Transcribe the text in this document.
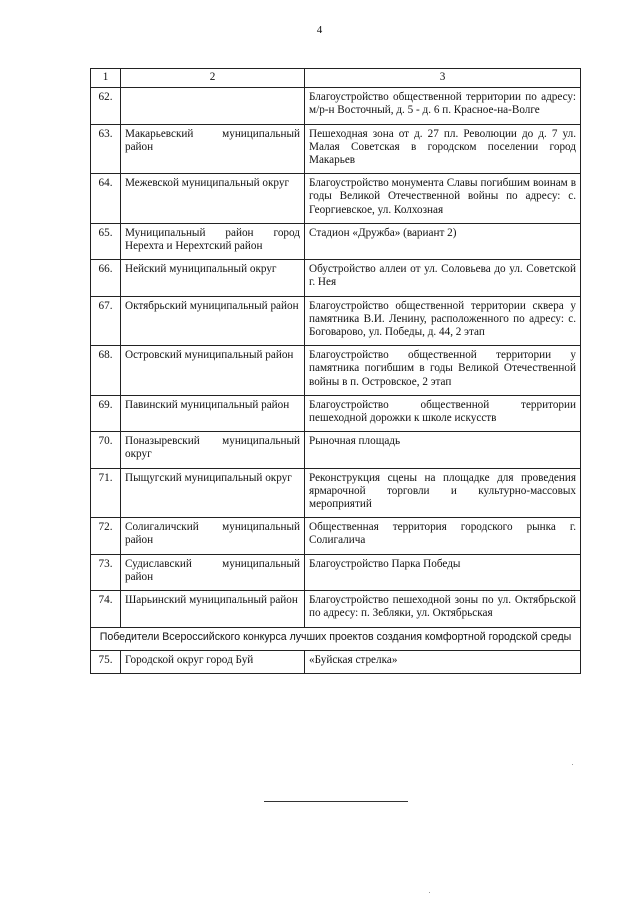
4
1	2	3
62.		Благоустройство общественной территории по адресу: м/р-н Восточный, д. 5 - д. 6 п. Красное-на-Волге
63.	Макарьевский муниципальный район	Пешеходная зона от д. 27 пл. Революции до д. 7 ул. Малая Советская в городском поселении город Макарьев
64.	Межевской муниципальный округ	Благоустройство монумента Славы погибшим воинам в годы Великой Отечественной войны по адресу: с. Георгиевское, ул. Колхозная
65.	Муниципальный район город Нерехта и Нерехтский район	Стадион «Дружба» (вариант 2)
66.	Нейский муниципальный округ	Обустройство аллеи от ул. Соловьева до ул. Советской г. Нея
67.	Октябрьский муниципальный район	Благоустройство общественной территории сквера у памятника В.И. Ленину, расположенного по адресу: с. Боговарово, ул. Победы, д. 44, 2 этап
68.	Островский муниципальный район	Благоустройство общественной территории у памятника погибшим в годы Великой Отечественной войны в п. Островское, 2 этап
69.	Павинский муниципальный район	Благоустройство общественной территории пешеходной дорожки к школе искусств
70.	Поназыревский муниципальный округ	Рыночная площадь
71.	Пыщугский муниципальный округ	Реконструкция сцены на площадке для проведения ярмарочной торговли и культурно-массовых мероприятий
72.	Солигаличский муниципальный район	Общественная территория городского рынка г. Солигалича
73.	Судиславский муниципальный район	Благоустройство Парка Победы
74.	Шарьинский муниципальный район	Благоустройство пешеходной зоны по ул. Октябрьской по адресу: п. Зебляки, ул. Октябрьская
Победители Всероссийского конкурса лучших проектов создания комфортной городской среды		
75.	Городской округ город Буй	«Буйская стрелка»
